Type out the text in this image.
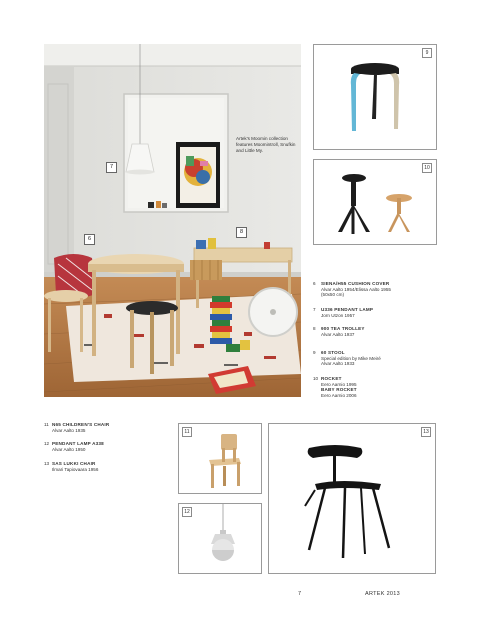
7
6
8
Artek's Moomin collection features Moomintroll, Snufkin and Little My.
9
10
6	SIENA/H55 CUSHION COVER
Alvar Aalto 1954/Elissa Aalto 1955
(50x50 cm)
7	U336 PENDANT LAMP
Jorn Utzon 1957
8	900 TEA TROLLEY
Alvar Aalto 1937
9	60 STOOL
Special edition by Mike Meiré
Alvar Aalto 1933
10 ROCKET
Eero Aarnio 1995
BABY ROCKET
Eero Aarnio 2006
11 N65 CHILDREN'S CHAIR
Alvar Aalto 1935
12 PENDANT LAMP A338
Alvar Aalto 1950
13 SAS LUKKI CHAIR
Ilmari Tapiovaara 1956
11
12
13
7	ARTEK 2013
